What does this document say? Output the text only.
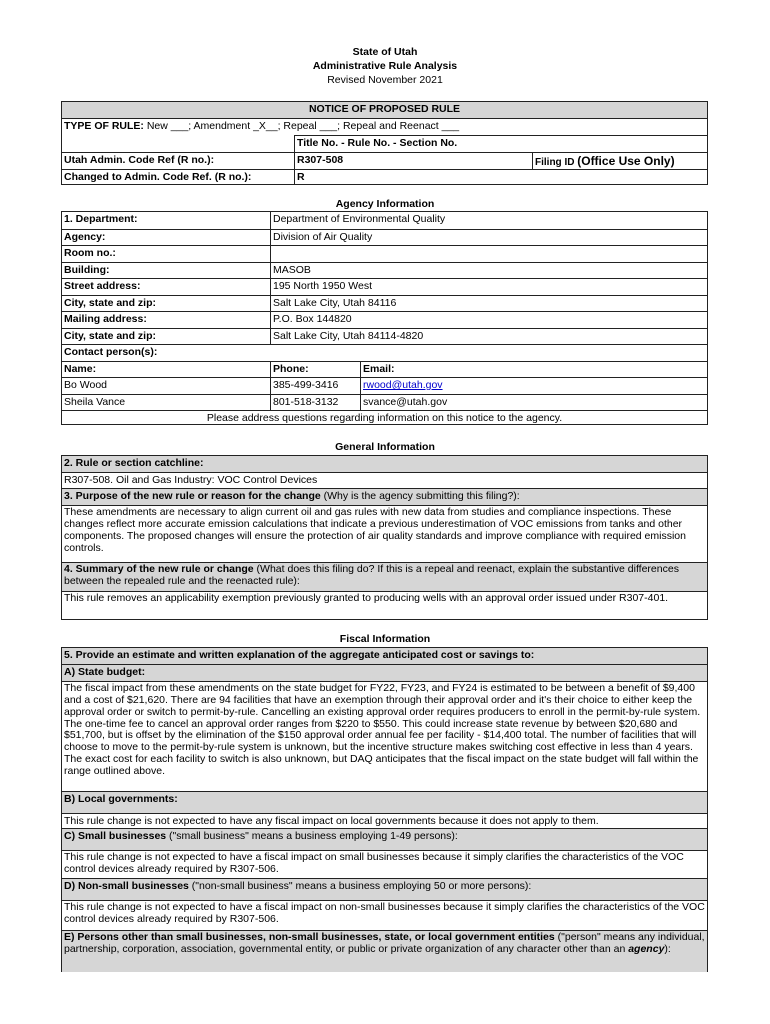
State of Utah
Administrative Rule Analysis
Revised November 2021
NOTICE OF PROPOSED RULE
TYPE OF RULE: New ___; Amendment _X__; Repeal ___; Repeal and Reenact ___
Title No. - Rule No. - Section No.
Utah Admin. Code Ref (R no.):	R307-508	Filing ID (Office Use Only)
Changed to Admin. Code Ref. (R no.):	R
Agency Information
1. Department:	Department of Environmental Quality
Agency:	Division of Air Quality
Room no.:
Building:	MASOB
Street address:	195 North 1950 West
City, state and zip:	Salt Lake City, Utah 84116
Mailing address:	P.O. Box 144820
City, state and zip:	Salt Lake City, Utah 84114-4820
Contact person(s):
Name:	Phone:	Email:
Bo Wood	385-499-3416 rwood@utah.gov
Sheila Vance	801-518-3132 svance@utah.gov
Please address questions regarding information on this notice to the agency.
General Information
2. Rule or section catchline:
R307-508. Oil and Gas Industry: VOC Control Devices
3. Purpose of the new rule or reason for the change (Why is the agency submitting this filing?):
These amendments are necessary to align current oil and gas rules with new data from studies and compliance inspections. These changes reflect more accurate emission calculations that indicate a previous underestimation of VOC emissions from tanks and other components. The proposed changes will ensure the protection of air quality standards and improve compliance with required emission controls.
4. Summary of the new rule or change (What does this filing do? If this is a repeal and reenact, explain the substantive differences between the repealed rule and the reenacted rule):
This rule removes an applicability exemption previously granted to producing wells with an approval order issued under R307-401.
Fiscal Information
5. Provide an estimate and written explanation of the aggregate anticipated cost or savings to:
A) State budget:
The fiscal impact from these amendments on the state budget for FY22, FY23, and FY24 is estimated to be between a benefit of $9,400 and a cost of $21,620. There are 94 facilities that have an exemption through their approval order and it's their choice to either keep the approval order or switch to permit-by-rule. Cancelling an existing approval order requires producers to enroll in the permit-by-rule system. The one-time fee to cancel an approval order ranges from $220 to $550. This could increase state revenue by between $20,680 and $51,700, but is offset by the elimination of the $150 approval order annual fee per facility - $14,400 total. The number of facilities that will choose to move to the permit-by-rule system is unknown, but the incentive structure makes switching cost effective in less than 4 years. The exact cost for each facility to switch is also unknown, but DAQ anticipates that the fiscal impact on the state budget will fall within the range outlined above.
B) Local governments:
This rule change is not expected to have any fiscal impact on local governments because it does not apply to them.
C) Small businesses ("small business" means a business employing 1-49 persons):
This rule change is not expected to have a fiscal impact on small businesses because it simply clarifies the characteristics of the VOC control devices already required by R307-506.
D) Non-small businesses ("non-small business" means a business employing 50 or more persons):
This rule change is not expected to have a fiscal impact on non-small businesses because it simply clarifies the characteristics of the VOC control devices already required by R307-506.
E) Persons other than small businesses, non-small businesses, state, or local government entities ("person" means any individual, partnership, corporation, association, governmental entity, or public or private organization of any character other than an agency):
